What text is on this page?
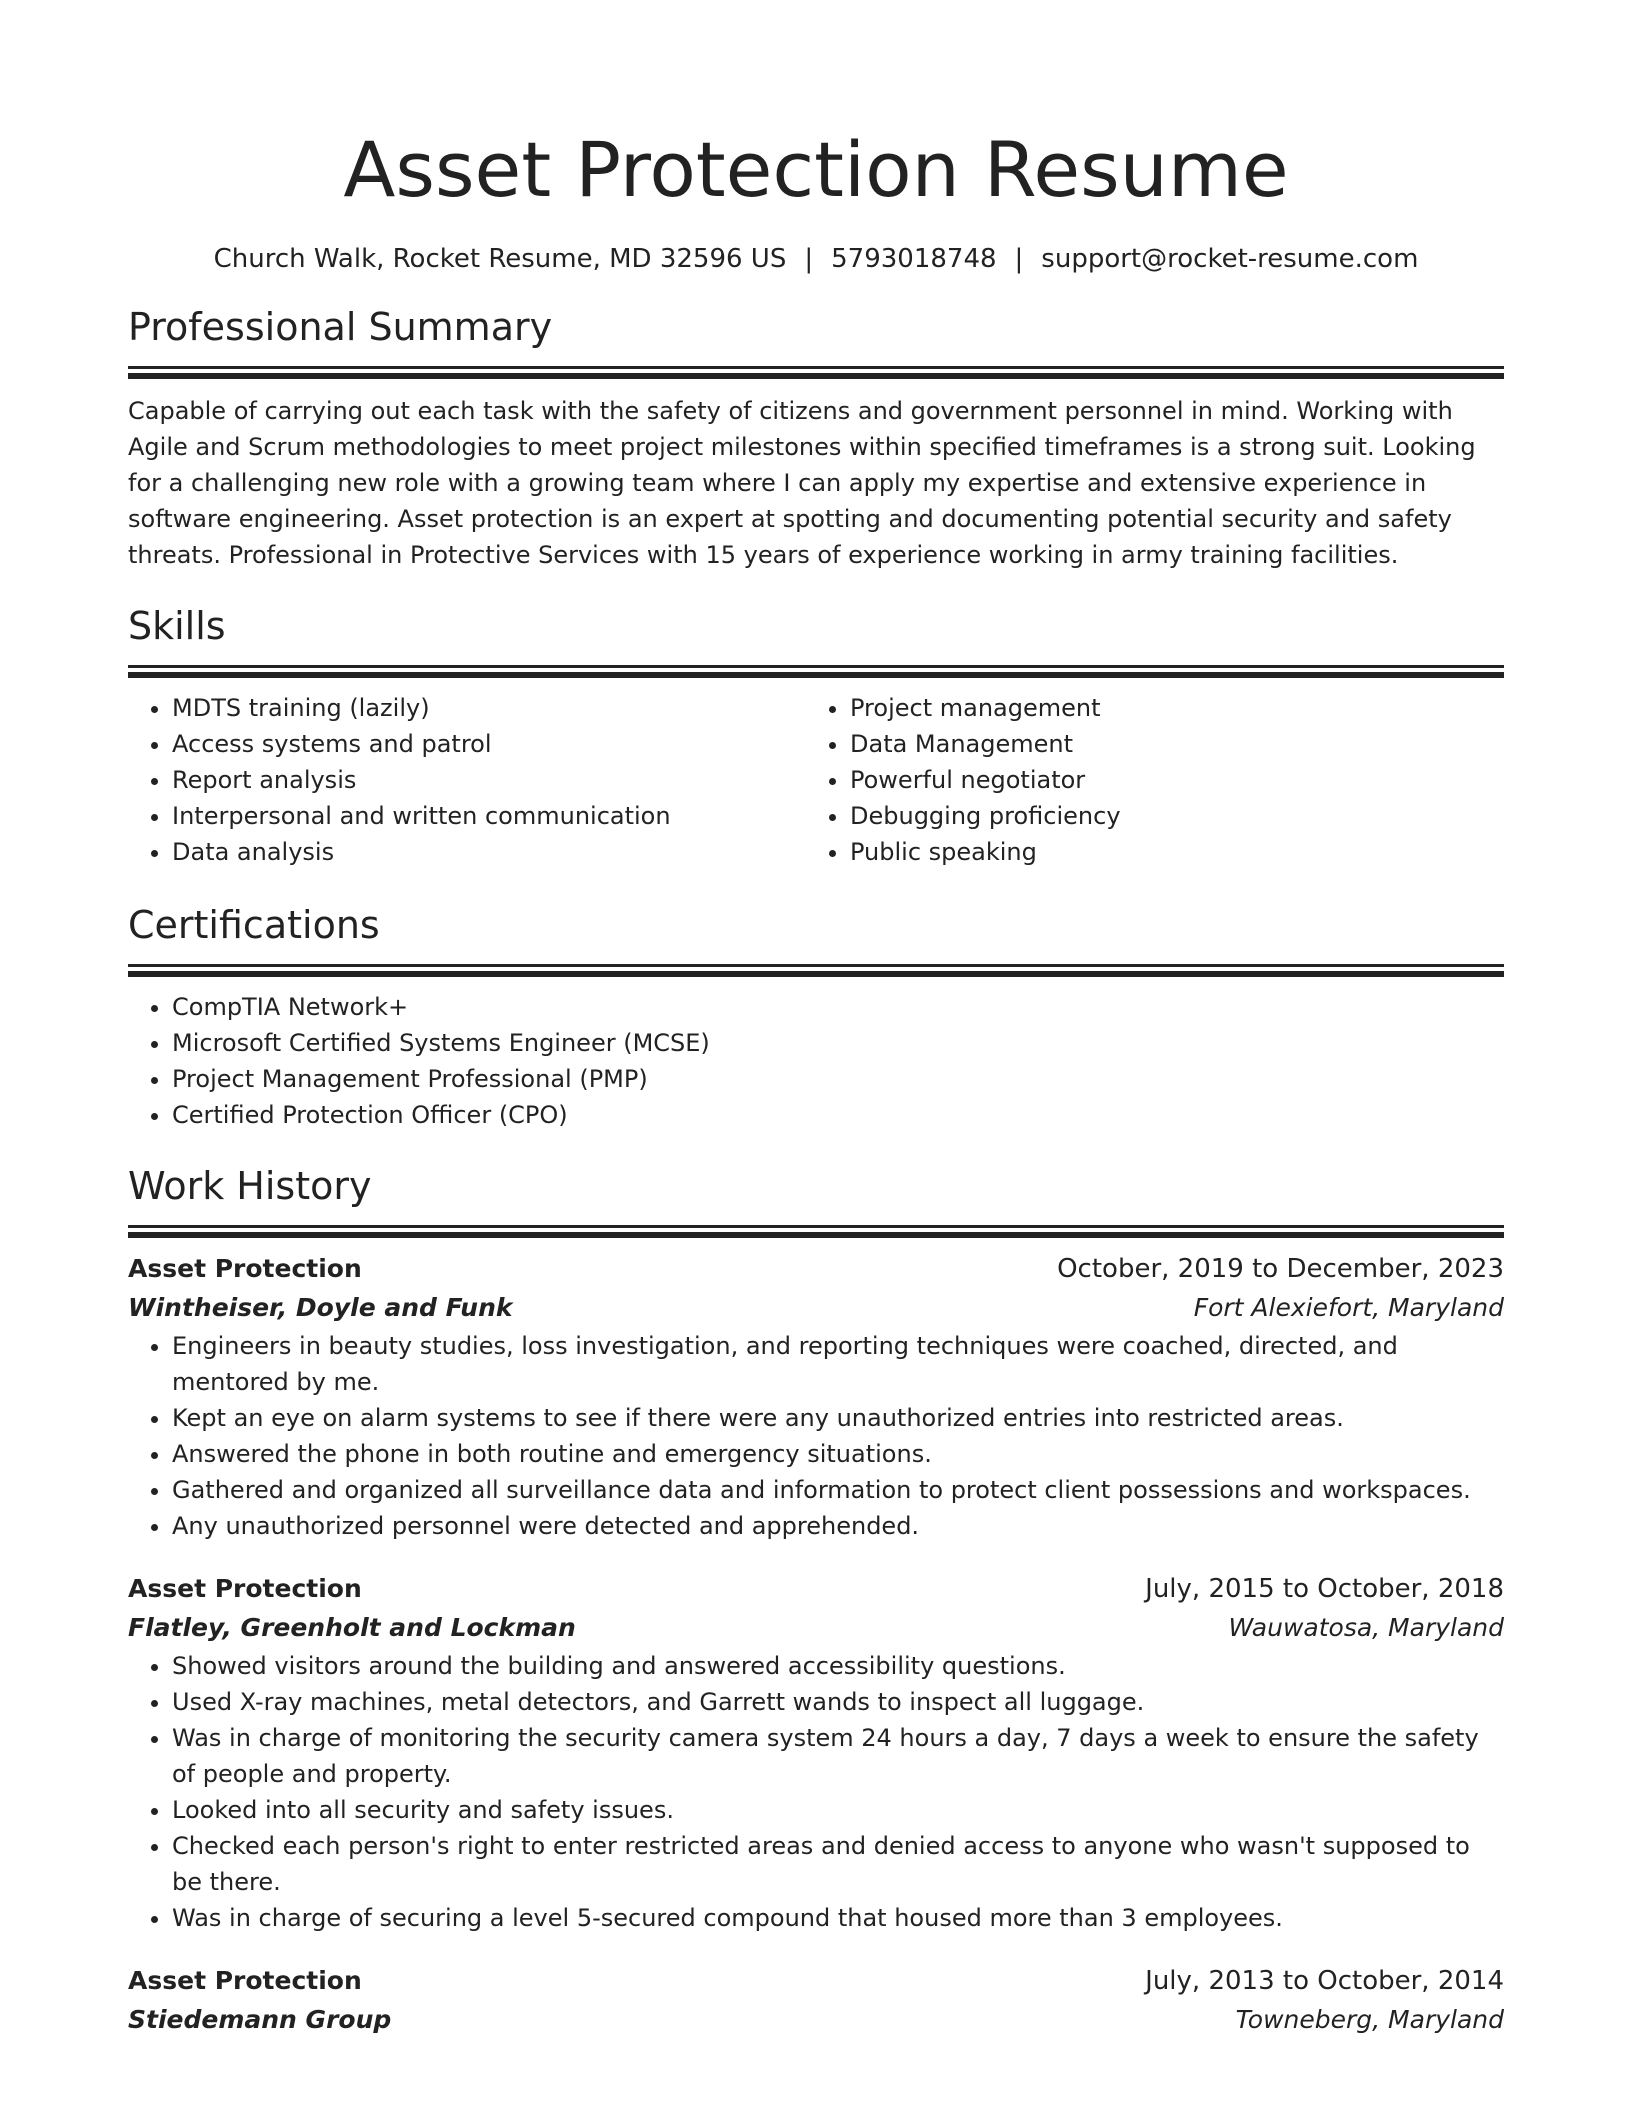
Asset Protection Resume
Church Walk, Rocket Resume, MD 32596 US | 5793018748 | support@rocket-resume.com
Professional Summary

Capable of carrying out each task with the safety of citizens and government personnel in mind. Working with Agile and Scrum methodologies to meet project milestones within specified timeframes is a strong suit. Looking for a challenging new role with a growing team where I can apply my expertise and extensive experience in software engineering. Asset protection is an expert at spotting and documenting potential security and safety threats. Professional in Protective Services with 15 years of experience working in army training facilities.

Skills
• MDTS training (lazily)
• Access systems and patrol
• Report analysis
• Interpersonal and written communication
• Data analysis
• Project management
• Data Management
• Powerful negotiator
• Debugging proficiency
• Public speaking
Certifications
• CompTIA Network+
• Microsoft Certified Systems Engineer (MCSE)
• Project Management Professional (PMP)
• Certified Protection Officer (CPO)
Work History
Asset Protection	October, 2019 to December, 2023
Wintheiser, Doyle and Funk	Fort Alexiefort, Maryland
• Engineers in beauty studies, loss investigation, and reporting techniques were coached, directed, and mentored by me.
• Kept an eye on alarm systems to see if there were any unauthorized entries into restricted areas.
• Answered the phone in both routine and emergency situations.
• Gathered and organized all surveillance data and information to protect client possessions and workspaces.
• Any unauthorized personnel were detected and apprehended.
Asset Protection	July, 2015 to October, 2018
Flatley, Greenholt and Lockman	Wauwatosa, Maryland
• Showed visitors around the building and answered accessibility questions.
• Used X-ray machines, metal detectors, and Garrett wands to inspect all luggage.
• Was in charge of monitoring the security camera system 24 hours a day, 7 days a week to ensure the safety of people and property.
• Looked into all security and safety issues.
• Checked each person's right to enter restricted areas and denied access to anyone who wasn't supposed to be there.
• Was in charge of securing a level 5-secured compound that housed more than 3 employees.
Asset Protection	July, 2013 to October, 2014
Stiedemann Group	Towneberg, Maryland
